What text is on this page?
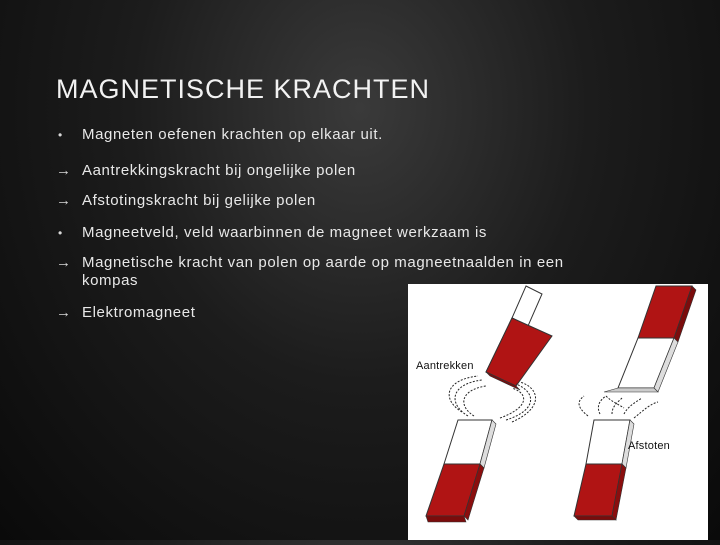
MAGNETISCHE KRACHTEN
•	Magneten oefenen krachten op elkaar uit.
→ Aantrekkingskracht bij ongelijke polen
→ Afstotingskracht bij gelijke polen
•	Magneetveld, veld waarbinnen de magneet werkzaam is
→ Magnetische kracht van polen op aarde op magneetnaalden in een kompas
→ Elektromagneet
Aantrekken
Afstoten
